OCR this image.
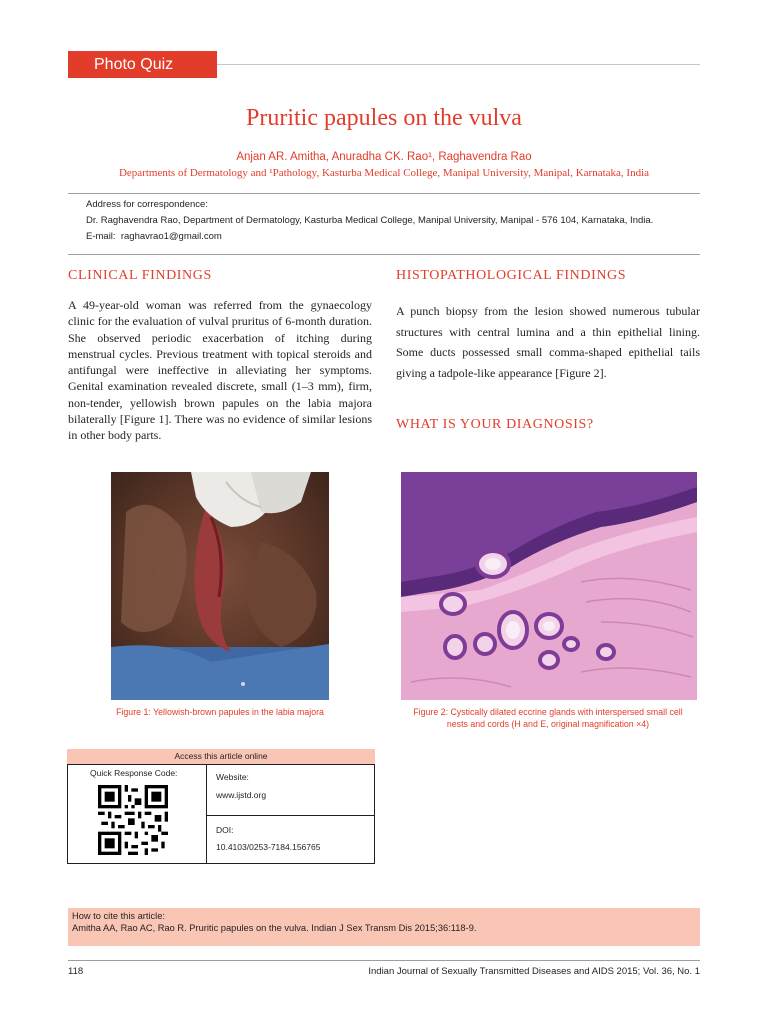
Photo Quiz
Pruritic papules on the vulva
Anjan AR. Amitha, Anuradha CK. Rao¹, Raghavendra Rao
Departments of Dermatology and ¹Pathology, Kasturba Medical College, Manipal University, Manipal, Karnataka, India
Address for correspondence:
Dr. Raghavendra Rao, Department of Dermatology, Kasturba Medical College, Manipal University, Manipal - 576 104, Karnataka, India.
E-mail: raghavrao1@gmail.com
CLINICAL FINDINGS
A 49-year-old woman was referred from the gynaecology clinic for the evaluation of vulval pruritus of 6-month duration. She observed periodic exacerbation of itching during menstrual cycles. Previous treatment with topical steroids and antifungal were ineffective in alleviating her symptoms. Genital examination revealed discrete, small (1–3 mm), firm, non-tender, yellowish brown papules on the labia majora bilaterally [Figure 1]. There was no evidence of similar lesions in other body parts.
HISTOPATHOLOGICAL FINDINGS
A punch biopsy from the lesion showed numerous tubular structures with central lumina and a thin epithelial lining. Some ducts possessed small comma-shaped epithelial tails giving a tadpole-like appearance [Figure 2].
WHAT IS YOUR DIAGNOSIS?
Figure 1: Yellowish-brown papules in the labia majora	Figure 2: Cystically dilated eccrine glands with interspersed small cell
nests and cords (H and E, original magnification ×4)
Access this article online
Quick Response Code:	Website:
www.ijstd.org
DOI:
10.4103/0253-7184.156765
How to cite this article:
Amitha AA, Rao AC, Rao R. Pruritic papules on the vulva. Indian J Sex Transm Dis 2015;36:118-9.
118	Indian Journal of Sexually Transmitted Diseases and AIDS 2015; Vol. 36, No. 1
